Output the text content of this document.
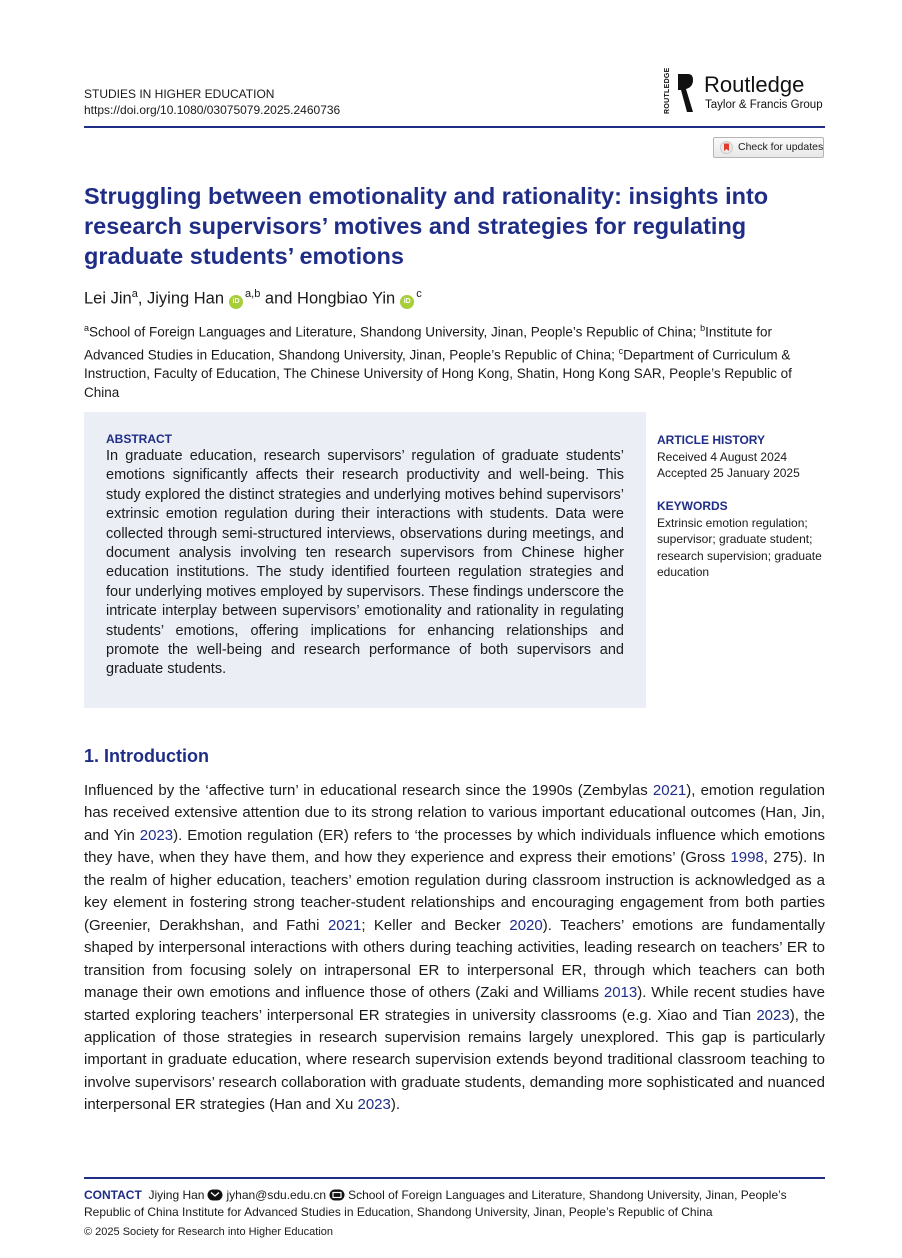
STUDIES IN HIGHER EDUCATION
https://doi.org/10.1080/03075079.2025.2460736	ROUTLEDGE Routledge
Taylor & Francis Group
Check for updates
Struggling between emotionality and rationality: insights into research supervisors’ motives and strategies for regulating graduate students’ emotions
Lei Jin$^a$, Jiying Han iD$^{a,b}$ and Hongbiao Yin $iD^c$
$^a$School of Foreign Languages and Literature, Shandong University, Jinan, People’s Republic of China; $^b$Institute for Advanced Studies in Education, Shandong University, Jinan, People’s Republic of China; $^c$Department of Curriculum & Instruction, Faculty of Education, The Chinese University of Hong Kong, Shatin, Hong Kong SAR, People’s Republic of China
ABSTRACT
In graduate education, research supervisors’ regulation of graduate students’ emotions significantly affects their research productivity and well-being. This study explored the distinct strategies and underlying motives behind supervisors’ extrinsic emotion regulation during their interactions with students. Data were collected through semi-structured interviews, observations during meetings, and document analysis involving ten research supervisors from Chinese higher education institutions. The study identified fourteen regulation strategies and four underlying motives employed by supervisors. These findings underscore the intricate interplay between supervisors’ emotionality and rationality in regulating students’ emotions, offering implications for enhancing relationships and promote the well-being and research performance of both supervisors and graduate students.
ARTICLE HISTORY
Received 4 August 2024
Accepted 25 January 2025
KEYWORDS
Extrinsic emotion regulation; supervisor; graduate student; research supervision; graduate education
1. Introduction
Influenced by the ‘affective turn’ in educational research since the 1990s (Zembylas 2021), emotion regulation has received extensive attention due to its strong relation to various important educational outcomes (Han, Jin, and Yin 2023). Emotion regulation (ER) refers to ‘the processes by which individuals influence which emotions they have, when they have them, and how they experience and express their emotions’ (Gross 1998, 275). In the realm of higher education, teachers’ emotion regulation during classroom instruction is acknowledged as a key element in fostering strong teacher-student relationships and encouraging engagement from both parties (Greenier, Derakhshan, and Fathi 2021; Keller and Becker 2020). Teachers’ emotions are fundamentally shaped by interpersonal interactions with others during teaching activities, leading research on teachers’ ER to transition from focusing solely on intrapersonal ER to interpersonal ER, through which teachers can both manage their own emotions and influence those of others (Zaki and Williams 2013). While recent studies have started exploring teachers’ interpersonal ER strategies in university classrooms (e.g. Xiao and Tian 2023), the application of those strategies in research supervision remains largely unexplored. This gap is particularly important in graduate education, where research supervision extends beyond traditional classroom teaching to involve supervisors’ research collaboration with graduate students, demanding more sophisticated and nuanced interpersonal ER strategies (Han and Xu 2023).
CONTACT Jiying Han jyhan@sdu.edu.cn School of Foreign Languages and Literature, Shandong University, Jinan, People’s Republic of China Institute for Advanced Studies in Education, Shandong University, Jinan, People’s Republic of China
© 2025 Society for Research into Higher Education
